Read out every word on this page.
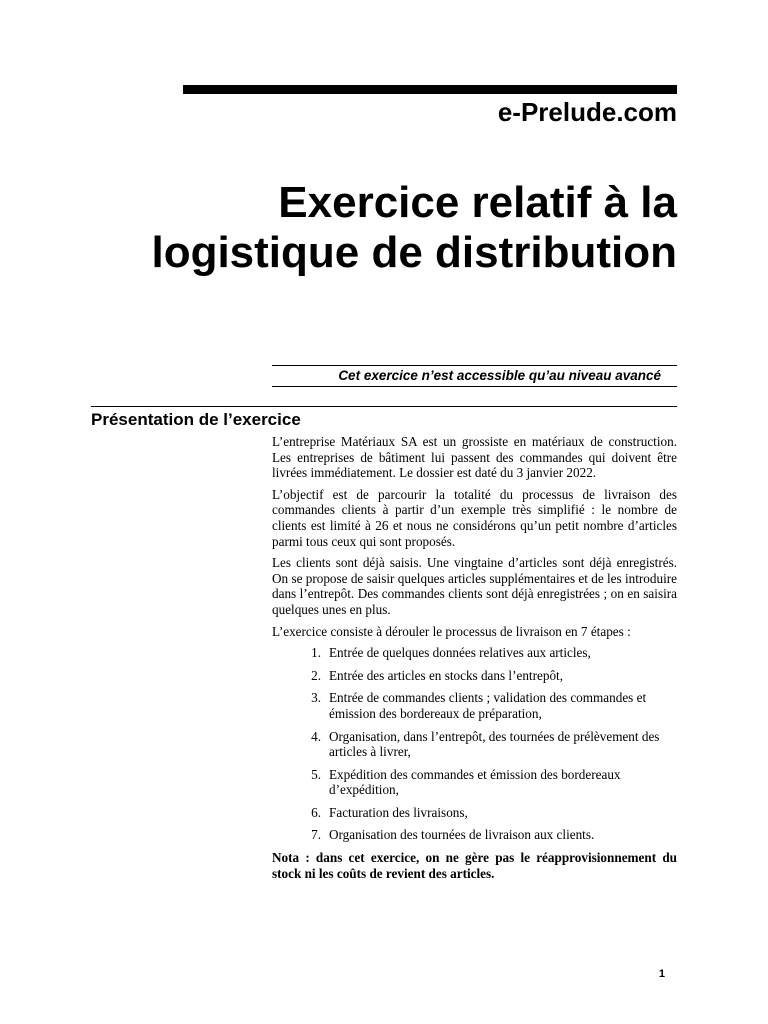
e-Prelude.com
Exercice relatif à la
logistique de distribution
Cet exercice n’est accessible qu’au niveau avancé
Présentation de l’exercice

L’entreprise Matériaux SA est un grossiste en matériaux de construction. Les entreprises de bâtiment lui passent des commandes qui doivent être livrées immédiatement. Le dossier est daté du 3 janvier 2022.

L’objectif est de parcourir la totalité du processus de livraison des commandes clients à partir d’un exemple très simplifié : le nombre de clients est limité à 26 et nous ne considérons qu’un petit nombre d’articles parmi tous ceux qui sont proposés.

Les clients sont déjà saisis. Une vingtaine d’articles sont déjà enregistrés. On se propose de saisir quelques articles supplémentaires et de les introduire dans l’entrepôt. Des commandes clients sont déjà enregistrées ; on en saisira quelques unes en plus.

L’exercice consiste à dérouler le processus de livraison en 7 étapes :

1. Entrée de quelques données relatives aux articles,
2. Entrée des articles en stocks dans l’entrepôt,
3. Entrée de commandes clients ; validation des commandes et émission des bordereaux de préparation,
4. Organisation, dans l’entrepôt, des tournées de prélèvement des articles à livrer,
5. Expédition des commandes et émission des bordereaux d’expédition,
6. Facturation des livraisons,
7. Organisation des tournées de livraison aux clients.

Nota : dans cet exercice, on ne gère pas le réapprovisionnement du stock ni les coûts de revient des articles.

1
